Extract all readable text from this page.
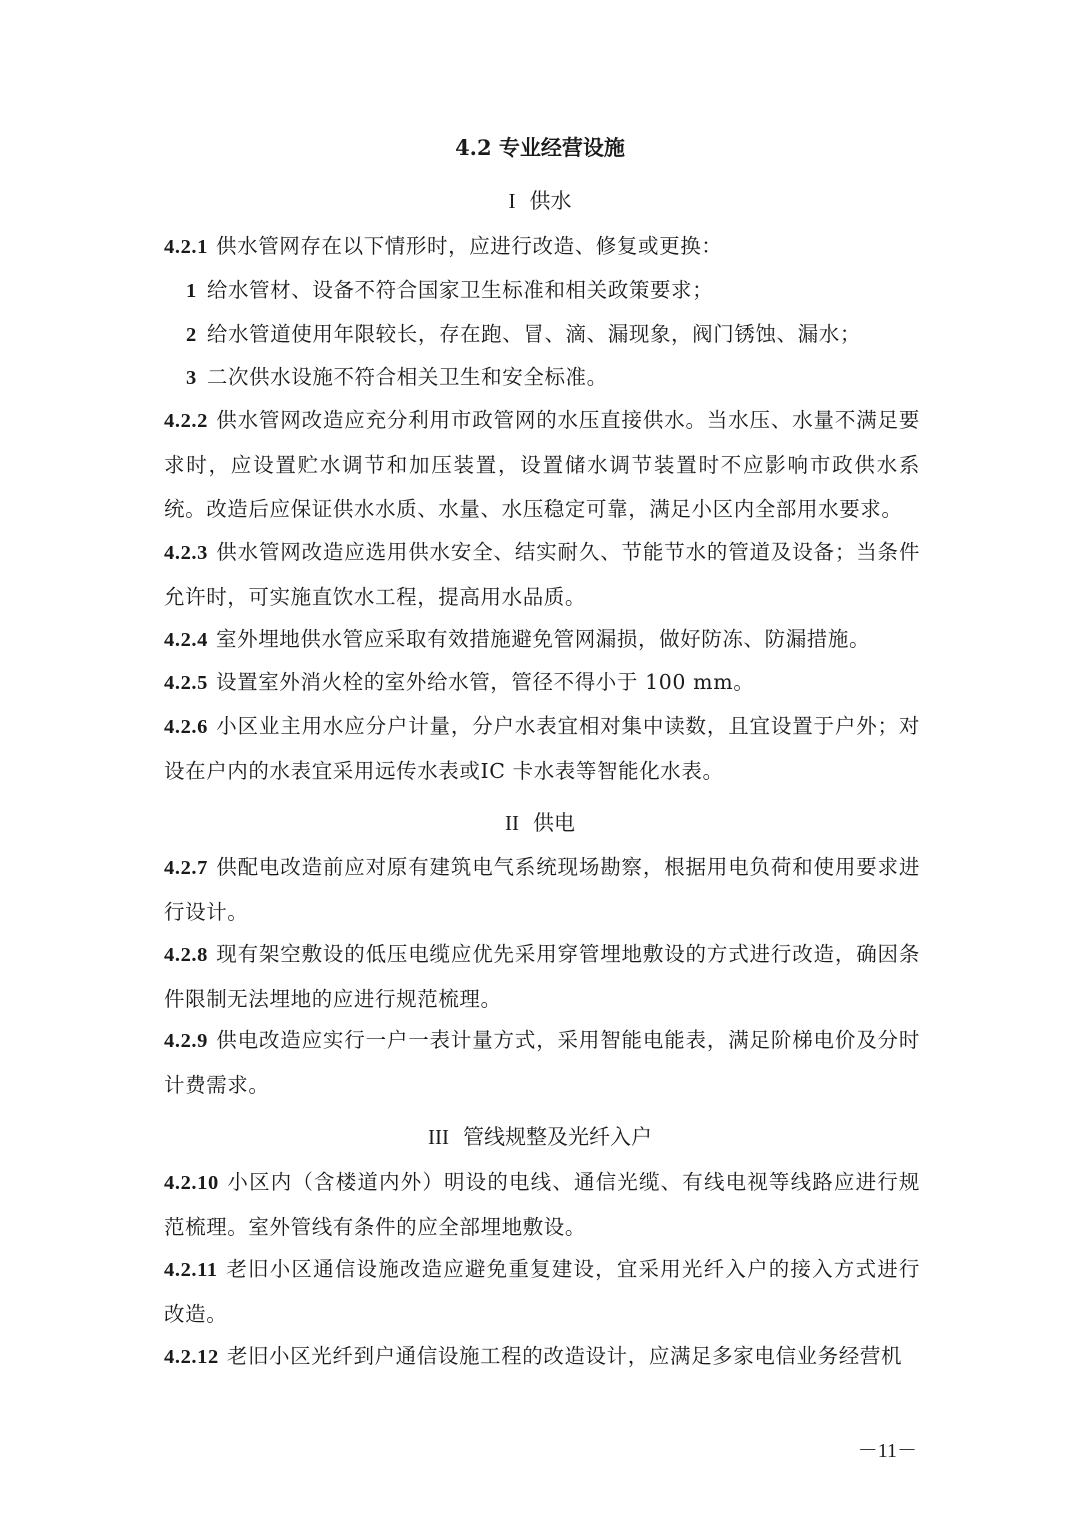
4.2 专业经营设施
I 供水
4.2.1 供水管网存在以下情形时，应进行改造、修复或更换：
1 给水管材、设备不符合国家卫生标准和相关政策要求；
2 给水管道使用年限较长，存在跑、冒、滴、漏现象，阀门锈蚀、漏水；
3 二次供水设施不符合相关卫生和安全标准。
4.2.2 供水管网改造应充分利用市政管网的水压直接供水。当水压、水量不满足要求时，应设置贮水调节和加压装置，设置储水调节装置时不应影响市政供水系统。改造后应保证供水水质、水量、水压稳定可靠，满足小区内全部用水要求。
4.2.3 供水管网改造应选用供水安全、结实耐久、节能节水的管道及设备；当条件允许时，可实施直饮水工程，提高用水品质。
4.2.4 室外埋地供水管应采取有效措施避免管网漏损，做好防冻、防漏措施。
4.2.5 设置室外消火栓的室外给水管，管径不得小于 100 mm。
4.2.6 小区业主用水应分户计量，分户水表宜相对集中读数，且宜设置于户外；对设在户内的水表宜采用远传水表或IC 卡水表等智能化水表。
II 供电
4.2.7 供配电改造前应对原有建筑电气系统现场勘察，根据用电负荷和使用要求进行设计。
4.2.8 现有架空敷设的低压电缆应优先采用穿管埋地敷设的方式进行改造，确因条件限制无法埋地的应进行规范梳理。
4.2.9 供电改造应实行一户一表计量方式，采用智能电能表，满足阶梯电价及分时计费需求。
III 管线规整及光纤入户
4.2.10 小区内（含楼道内外）明设的电线、通信光缆、有线电视等线路应进行规范梳理。室外管线有条件的应全部埋地敷设。
4.2.11 老旧小区通信设施改造应避免重复建设，宜采用光纤入户的接入方式进行改造。
4.2.12 老旧小区光纤到户通信设施工程的改造设计，应满足多家电信业务经营机
－11－
